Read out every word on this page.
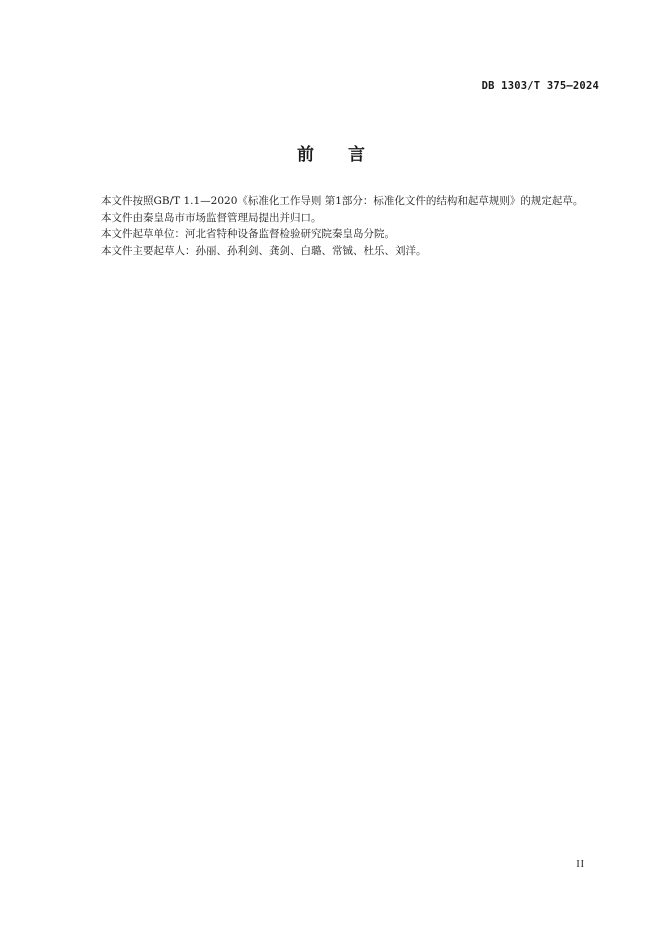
DB 1303/T 375—2024
前 言

本文件按照GB/T 1.1—2020《标准化工作导则 第1部分：标准化文件的结构和起草规则》的规定起草。

本文件由秦皇岛市市场监督管理局提出并归口。

本文件起草单位：河北省特种设备监督检验研究院秦皇岛分院。

本文件主要起草人：孙丽、孙利剑、龚剑、白璐、常铖、杜乐、刘洋。

II
